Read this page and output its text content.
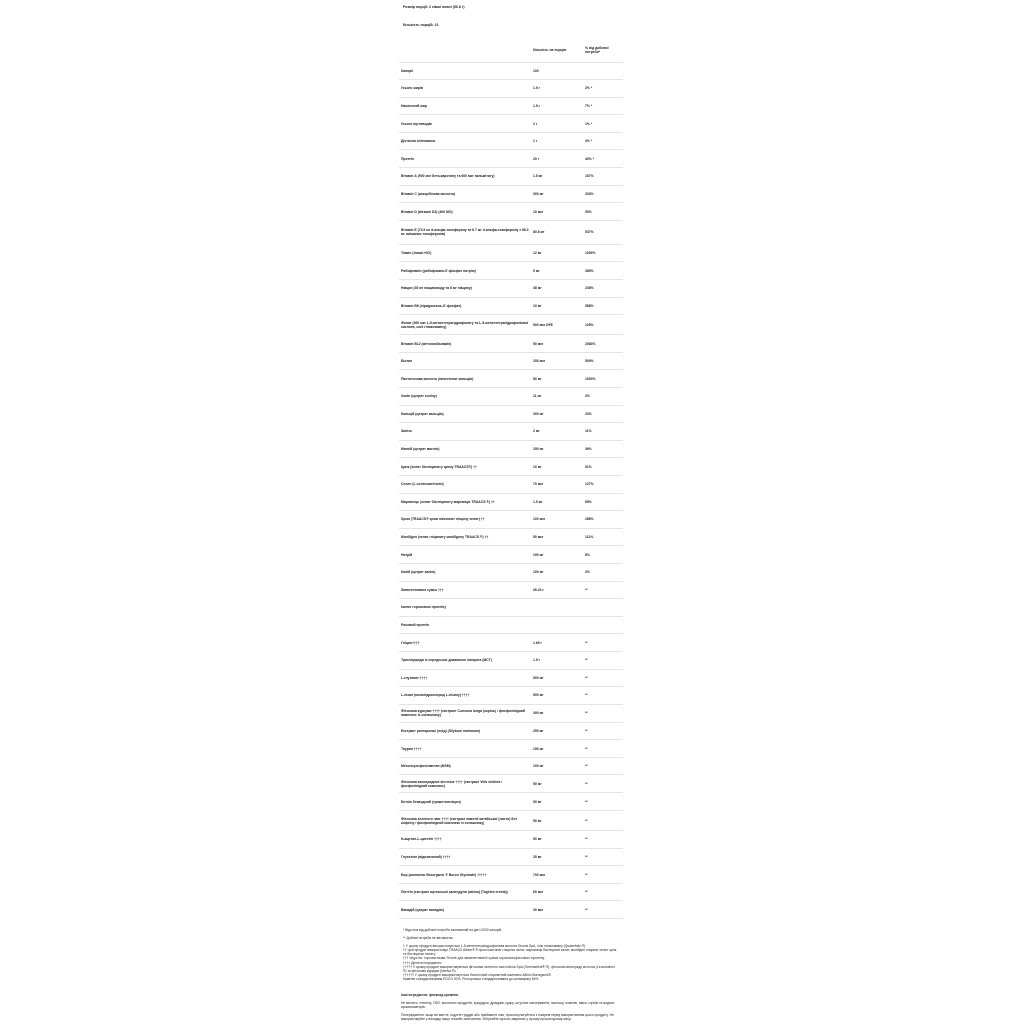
Розмір порції: 2 ківші повні (56.8 г)
Кількість порцій: 21
	Кількість на порцію	% від добової потреби*
Калорії	100	
Усього жирів	1.5 г	2% *
Насичений жир	1.5 г	7% *
Усього вуглеводів	2 г	1% *
Дієтична клітковина	1 г	3% *
Протеїн	20 г	40% *
Вітамін А (900 мкг бета-каротину та 600 мкг пальмітату)	1.5 мг	167%
Вітамін С (аскорбінова кислота)	300 мг	333%
Вітамін D (вітамін D3) (400 МО)	10 мкг	50%
Вітамін Е (73.9 мг d-альфа-токоферолу та 6.7 мг d-альфа-токоферилу з 98.3 мг змішаних токоферолів)	80.6 мг	537%
Тіамін (тіамін HCl)	12 мг	1000%
Рибофлавін (рибофлавін-5'-фосфат натрію)	5 мг	385%
Ніацин (30 мг ніацинаміду та 8 мг ніацину)	38 мг	238%
Вітамін В6 (піридоксаль-5'-фосфат)	10 мг	588%
Фолат (300 мкг L-5-метилтетрагідрофолату та L-5-метилтетрагідрофолієвої кислоти, солі глюкозаміну)	500 мкг DFE	125%
Вітамін В12 (метилкобаламін)	50 мкг	2083%
Біотин	150 мкг	500%
Пантотенова кислота (пантотенат кальцію)	50 мг	1000%
Холін (цитрат холіну)	11 мг	2%
Кальцій (цитрат кальцію)	300 мг	23%
Залізо	2 мг	11%
Магній (цитрат магнію)	150 мг	36%
Цинк (хелат бісгліцинату цинку TRAACS®) ††	10 мг	91%
Селен (L-селенометіонін)	70 мкг	127%
Марганець (хелат бісгліцинату марганцю TRAACS ®) ††	1.5 мг	65%
Хром (TRAACS® хром нікотинат гліцину хелат) ††	100 мкг	286%
Молібден (хелат гліцинату молібдену TRAACS ®) ††	50 мкг	111%
Натрій	190 мг	8%
Калій (цитрат калію)	100 мг	2%
Запатентована суміш †††	26.24 г	**
Ізолят гороховою протеїну		
Рисовий протеїн		
Гліцин††††	1.65 г	**
Тригліцериди із середньою довжиною ланцюга (МСТ)	1.5 г	**
L-глутамін ††††	500 мг	**
L-лізин (моногідрохлорид L-лізину) ††††	500 мг	**
Фітосома куркуми †††† (екстракт Curcuma longa (корінь) / фосфоліпідний комплекс із соняшнику)	400 мг	**
Екстракт розторопші (плід) (Silybum marianum)	250 мг	**
Таурин ††††	150 мг	**
Метилсульфонілметан (MSM)	100 мг	**
Фітосома виноградних кісточок †††† (екстракт Vitis vinifera / фосфоліпідний комплекс)	50 мг	**
Бетаїн безводний (триметилгліцин)	50 мг	**
Фітосома зеленого чаю †††† (екстракт камелії китайської (листя) без кофеїну / фосфоліпідний комплекс із соняшнику)	50 мг	**
N-ацетил-L-цистеїн ††††	50 мг	**
Глутатіон (відновлений) ††††	25 мг	**
Бор (комплекс Bororganic ® Boron Glycinate) †††††	700 мкг	**
Лютеїн (екстракт ацтекської календули (квітка) (Tagetes erecta))	60 мкг	**
Ванадій (цитрат ванадію)	30 мкг	**
* Відсоток від добової потреби заснований на дієті 2000 калорій.
** Добова потреба не визначена.
† У цьому продукті використовується L-5-метилтетрагідрофолієва кислота Gnosis SpA, сіль глюкозаміну (Quatrefolic ®).
†† Цей продукт використовує TRAACS Albion® ® хром нікотинат гліцинат хелат, марганець бісгліцинат хелат, молібден гліцинат хелат, цинк та бісгліцинат хелату.
††† Vega.Inc. торгова назва Thorne для запатентованої суміші горохового/рисового протеїну.
†††† Дієтичні інгредієнти.
††††† У цьому продукті використовуються фітосоми зеленого чаю Indena SpA (Greenselect® ®), фітосоми винограду кісточок (Leucoselect ®) та фітосоми куркуми (Meriva ®).
†††††† У цьому продукті використовується біологічний гліцинатний комплекс Albion Bororganic®.
Камелія стандартизована EGCG 40%. Розторопша стандартизована до силімарину 65%
Інші інгредієнти: флексид кремнію.
Не містить: глютену, ГМО, молочних продуктів, кукурудзи, дріжджів, цукру, штучних консервантів, пшениці, ячменю, вівса, горіхів та жодних ароматизаторів.
Попередження: якщо ви вагітні, годуєте груддю або приймаєте ліки, проконсультуйтеся з лікарем перед використанням цього продукту. Не використовуйте у випадку, якщо пломба запечатана. Зберігайте щільно закритим у сухому прохолодному місці.
